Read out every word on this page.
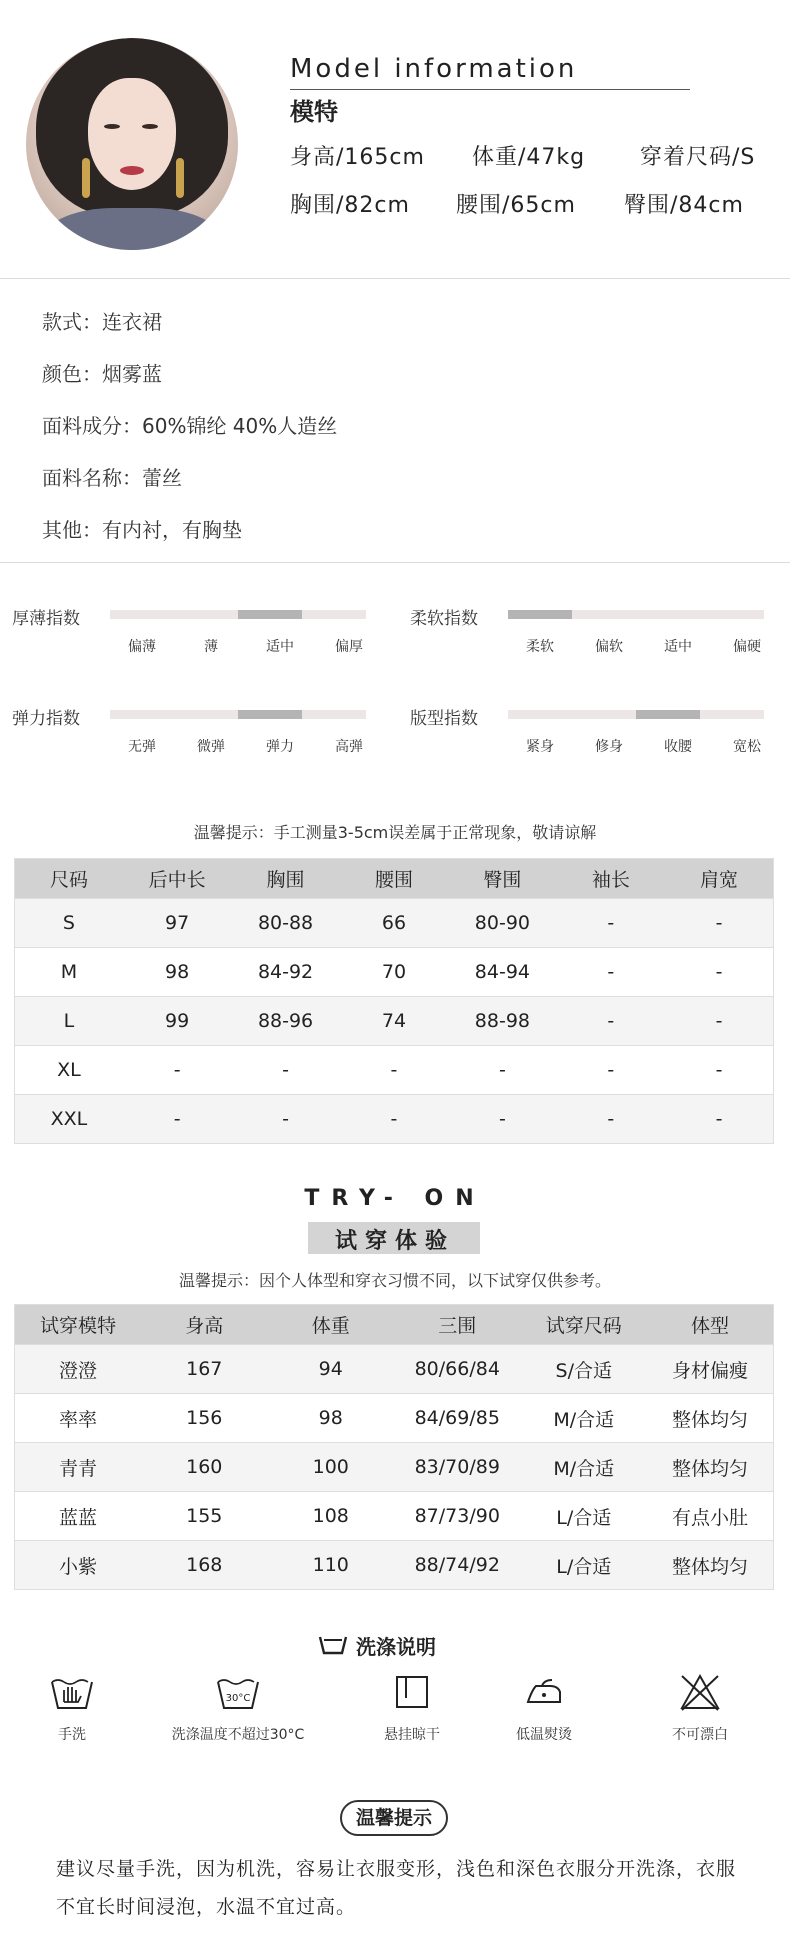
Model information
模特
身高/165cm 体重/47kg 穿着尺码/S
胸围/82cm 腰围/65cm 臀围/84cm
款式：连衣裙
颜色：烟雾蓝
面料成分：60%锦纶 40%人造丝
面料名称：蕾丝
其他：有内衬，有胸垫
厚薄指数
偏薄	薄	适中	偏厚
柔软指数
柔软	偏软	适中	偏硬
弹力指数
无弹	微弹	弹力	高弹
版型指数
紧身	修身	收腰	宽松
温馨提示：手工测量3-5cm误差属于正常现象，敬请谅解
尺码	后中长	胸围	腰围	臀围	袖长	肩宽
S	97	80-88	66	80-90	-	-
M	98	84-92	70	84-94	-	-
L	99	88-96	74	88-98	-	-
XL	-	-	-	-	-	-
XXL	-	-	-	-	-	-
TRY- ON
试穿体验
温馨提示：因个人体型和穿衣习惯不同，以下试穿仅供参考。
试穿模特	身高	体重	三围	试穿尺码	体型
澄澄	167	94	80/66/84	S/合适	身材偏瘦
率率	156	98	84/69/85	M/合适	整体均匀
青青	160	100	83/70/89	M/合适	整体均匀
蓝蓝	155	108	87/73/90	L/合适	有点小肚
小紫	168	110	88/74/92	L/合适	整体均匀
洗涤说明
手洗
30°C
洗涤温度不超过30°C	悬挂晾干	低温熨烫	不可漂白
温馨提示
建议尽量手洗，因为机洗，容易让衣服变形，浅色和深色衣服分开洗涤，衣服不宜长时间浸泡，水温不宜过高。
